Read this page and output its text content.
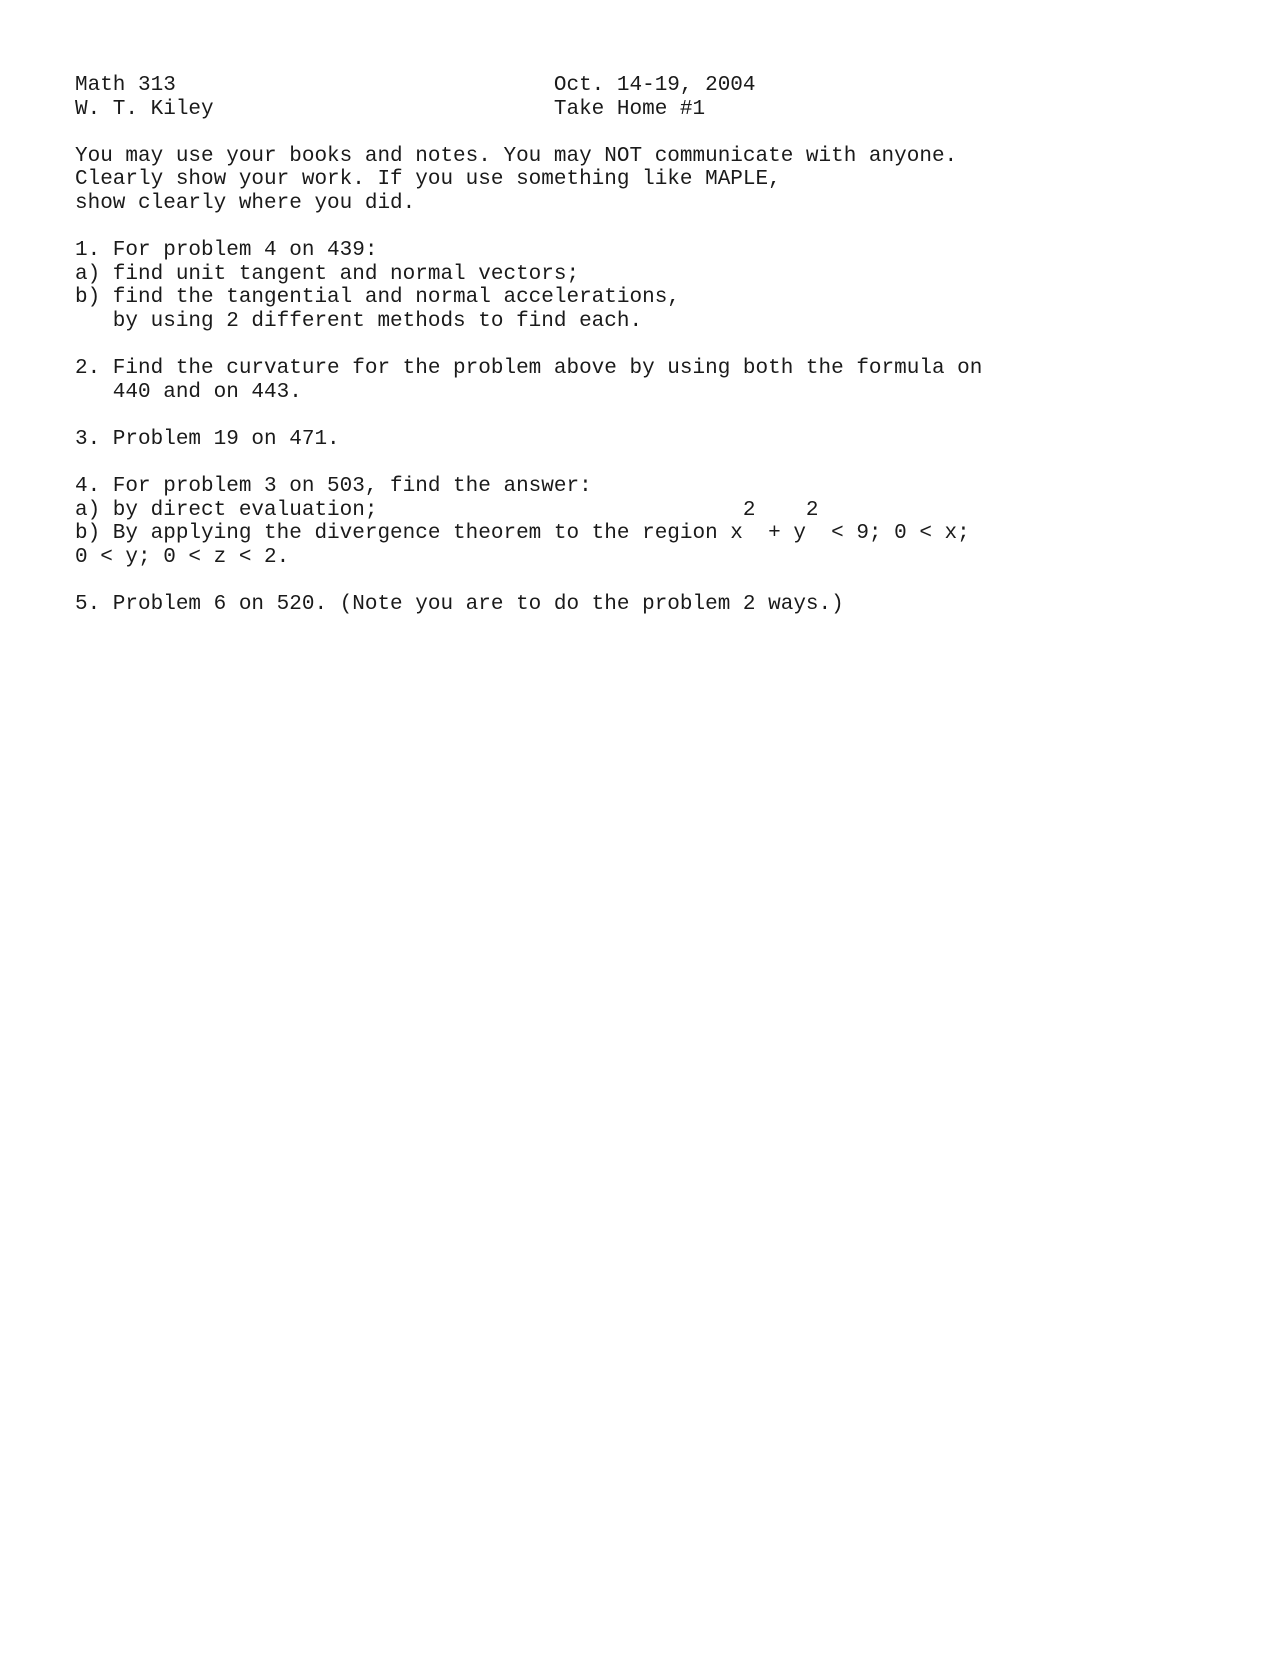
Math 313                              Oct. 14-19, 2004
W. T. Kiley                           Take Home #1
You may use your books and notes. You may NOT communicate with anyone.
Clearly show your work. If you use something like MAPLE,
show clearly where you did.
1. For problem 4 on 439:
a) find unit tangent and normal vectors;
b) find the tangential and normal accelerations,
by using 2 different methods to find each.
2. Find the curvature for the problem above by using both the formula on
440 and on 443.
3. Problem 19 on 471.
4. For problem 3 on 503, find the answer:
a) by direct evaluation;                             2    2
b) By applying the divergence theorem to the region x  + y  < 9; 0 < x;
0 < y; 0 < z < 2.
5. Problem 6 on 520. (Note you are to do the problem 2 ways.)
